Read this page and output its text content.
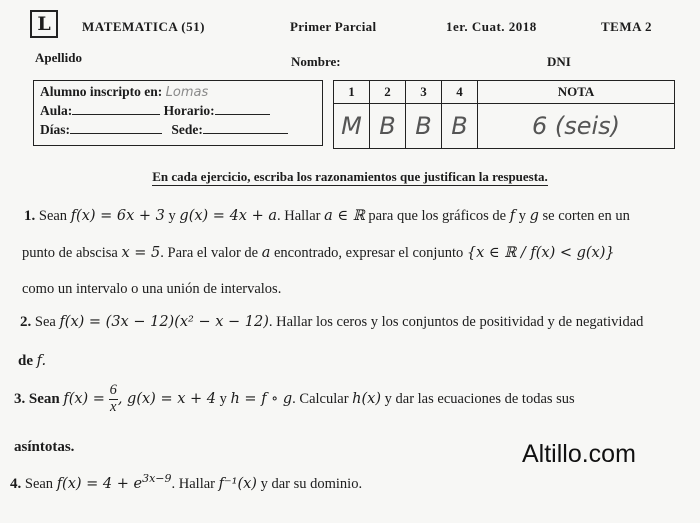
L	MATEMATICA (51)	Primer Parcial	1er. Cuat. 2018	TEMA 2
Apellido	Nombre:	DNI
Alumno inscripto en: Lomas
Aula:	Horario:
Días:	Sede:
1	2	3	4	NOTA
M	B	B	B	6 (seis)
En cada ejercicio, escriba los razonamientos que justifican la respuesta.
1. Sean f(x) = 6x + 3 y g(x) = 4x + a. Hallar a ∈ ℝ para que los gráficos de f y g se corten en un
punto de abscisa x = 5. Para el valor de a encontrado, expresar el conjunto {x ∈ ℝ / f(x) < g(x)}
como un intervalo o una unión de intervalos.
2. Sea f(x) = (3x − 12)(x² − x − 12). Hallar los ceros y los conjuntos de positividad y de negatividad
de f.
3. Sean $f(x) = \frac{6}{x}$ , g(x) = x + 4 y h = f ∘ g. Calcular h(x) y dar las ecuaciones de todas sus
asíntotas.
4. Sean $f(x) = 4 + e^{3x-9}$. Hallar f⁻¹(x) y dar su dominio.
Altillo.com
